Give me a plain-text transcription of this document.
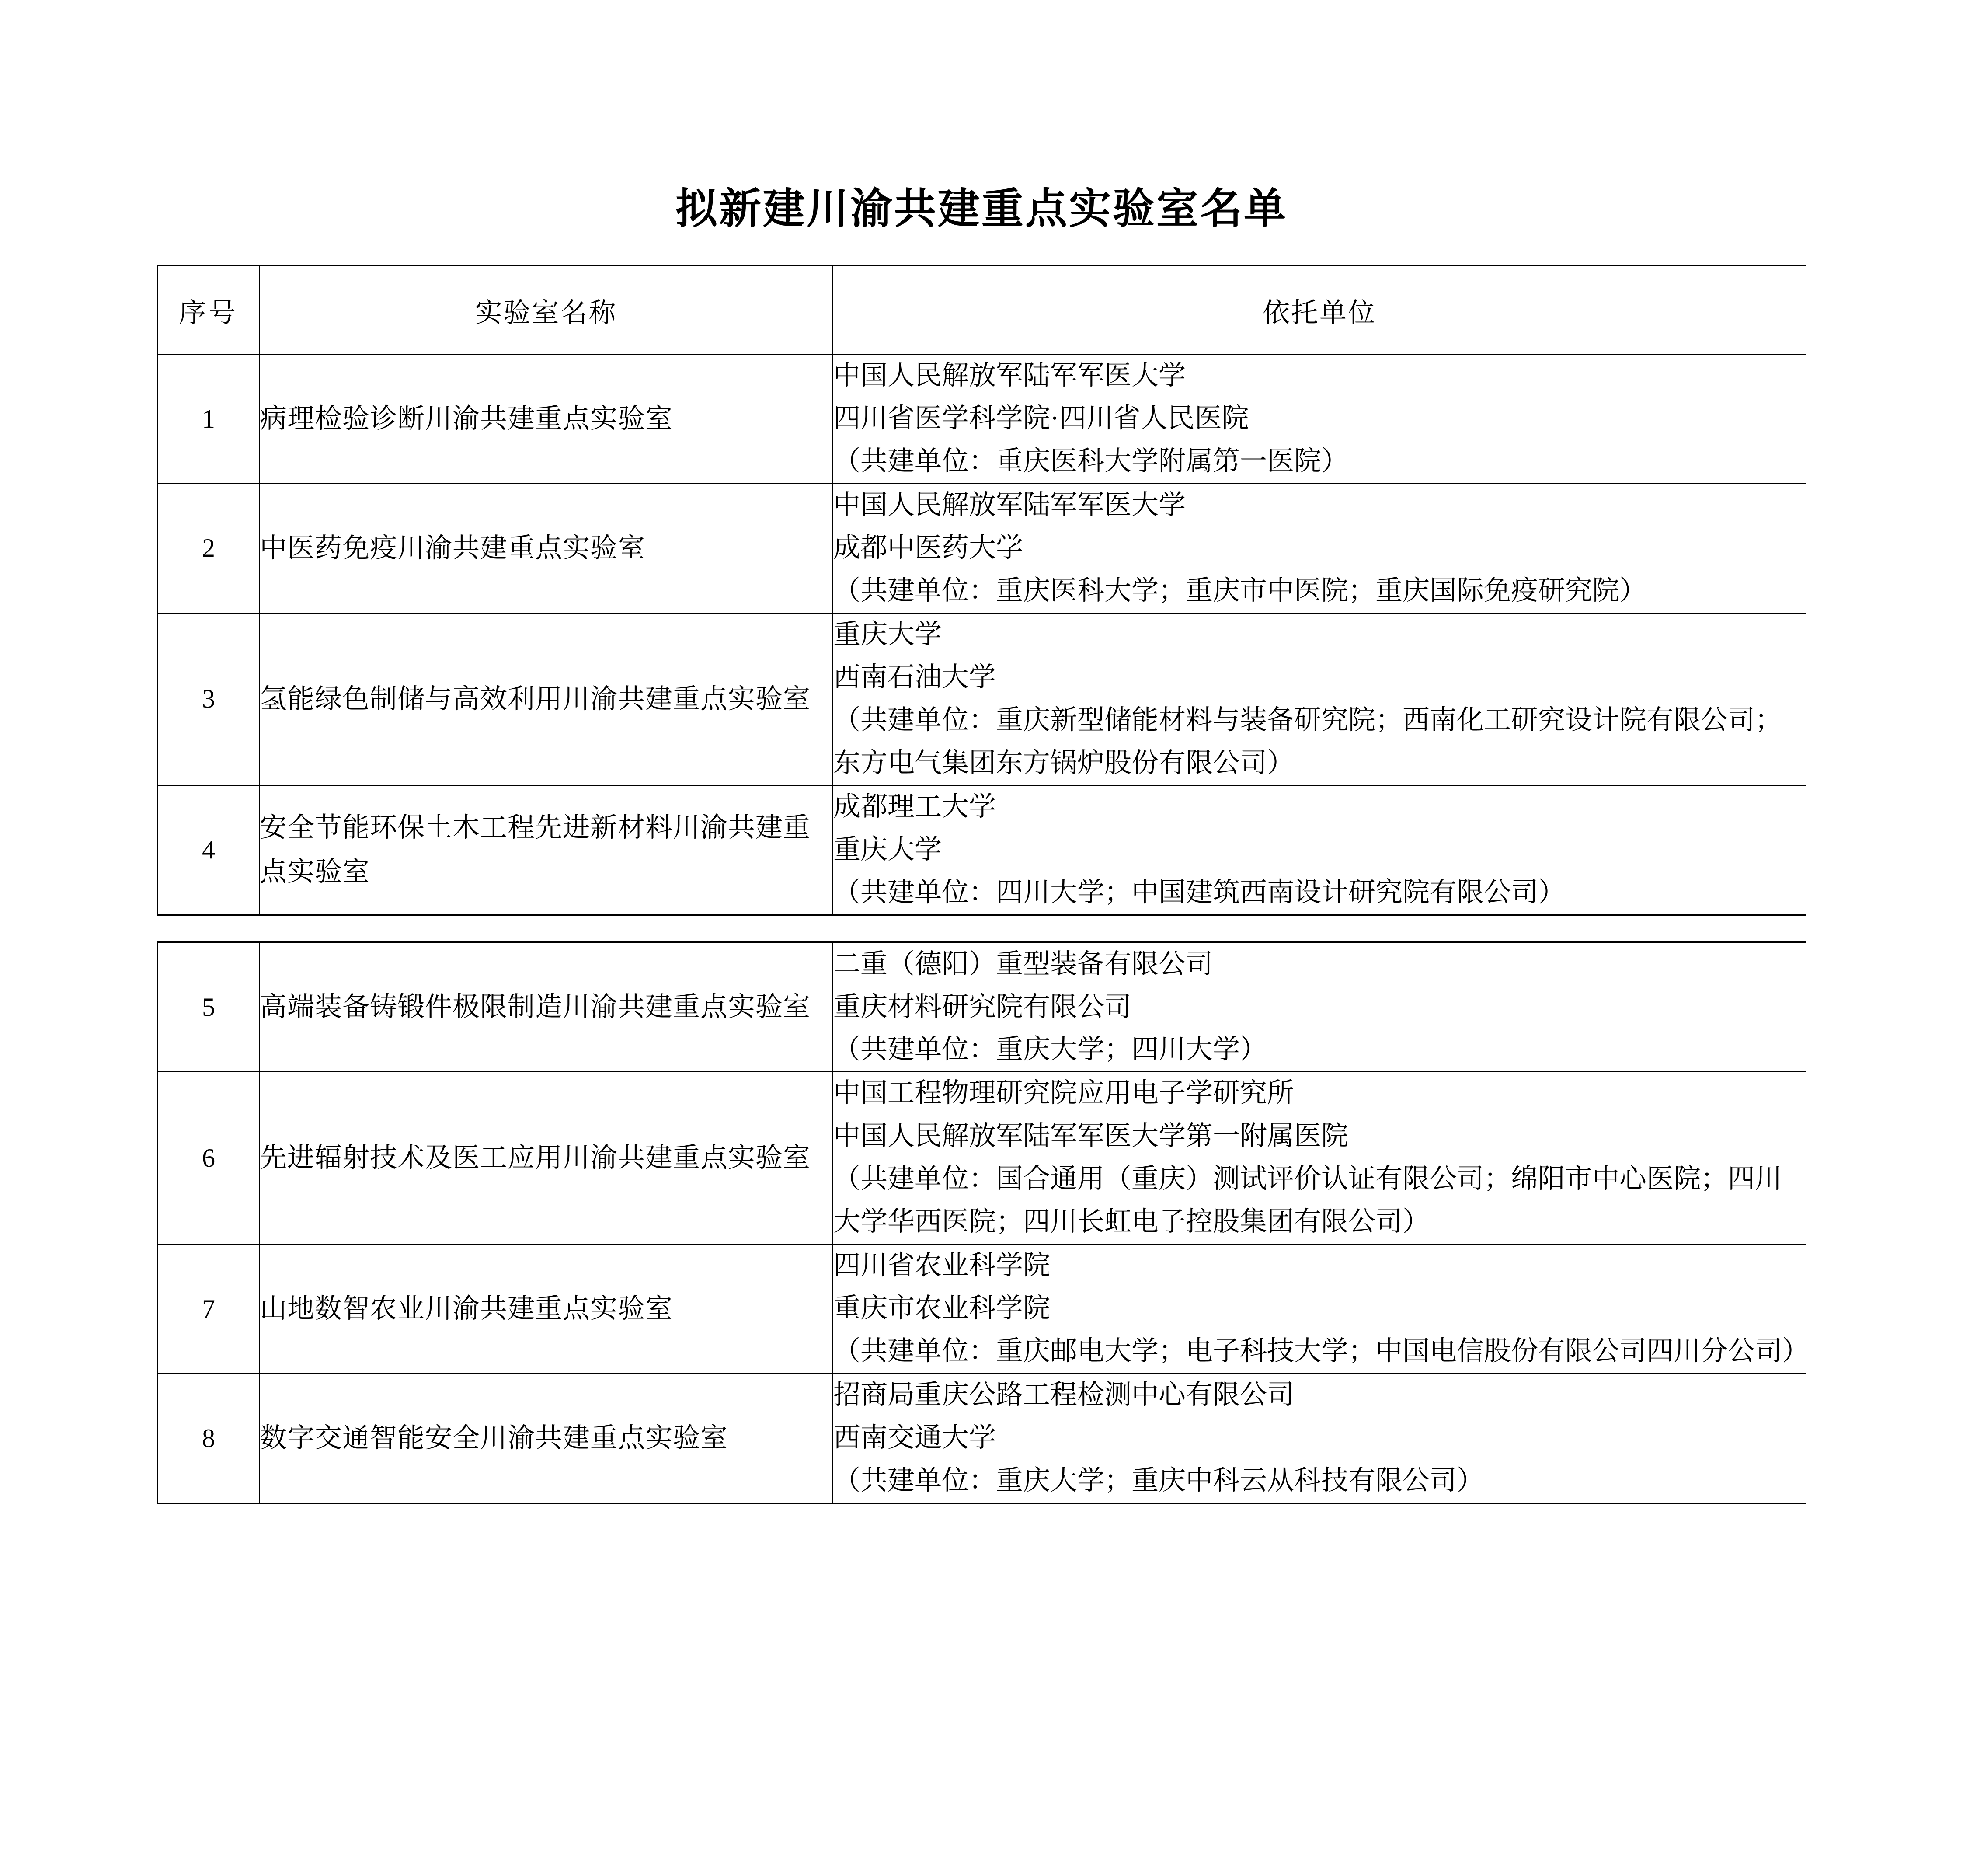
拟新建川渝共建重点实验室名单
序号	实验室名称	依托单位
1	病理检验诊断川渝共建重点实验室	中国人民解放军陆军军医大学
四川省医学科学院·四川省人民医院
（共建单位：重庆医科大学附属第一医院）

2	中医药免疫川渝共建重点实验室	中国人民解放军陆军军医大学
成都中医药大学
（共建单位：重庆医科大学；重庆市中医院；重庆国际免疫研究院）

3	氢能绿色制储与高效利用川渝共建重点实验室	重庆大学
西南石油大学
（共建单位：重庆新型储能材料与装备研究院；西南化工研究设计院有限公司；东方电气集团东方锅炉股份有限公司）

4	安全节能环保土木工程先进新材料川渝共建重点实验室	成都理工大学
重庆大学
（共建单位：四川大学；中国建筑西南设计研究院有限公司）
5	高端装备铸锻件极限制造川渝共建重点实验室	二重（德阳）重型装备有限公司
重庆材料研究院有限公司
（共建单位：重庆大学；四川大学）

6	先进辐射技术及医工应用川渝共建重点实验室	中国工程物理研究院应用电子学研究所
中国人民解放军陆军军医大学第一附属医院
（共建单位：国合通用（重庆）测试评价认证有限公司；绵阳市中心医院；四川大学华西医院；四川长虹电子控股集团有限公司）

7	山地数智农业川渝共建重点实验室	四川省农业科学院
重庆市农业科学院
（共建单位：重庆邮电大学；电子科技大学；中国电信股份有限公司四川分公司）

8	数字交通智能安全川渝共建重点实验室	招商局重庆公路工程检测中心有限公司
西南交通大学
（共建单位：重庆大学；重庆中科云从科技有限公司）
